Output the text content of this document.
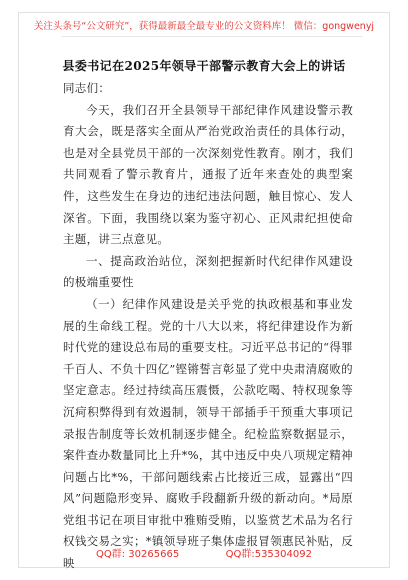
关注头条号“公文研究”，获得最新最全最专业的公文资料库！ 微信：gongwenyj
县委书记在2025年领导干部警示教育大会上的讲话

同志们：

今天，我们召开全县领导干部纪律作风建设警示教育大会，既是落实全面从严治党政治责任的具体行动，也是对全县党员干部的一次深刻党性教育。刚才，我们共同观看了警示教育片，通报了近年来查处的典型案件，这些发生在身边的违纪违法问题，触目惊心、发人深省。下面，我围绕以案为鉴守初心、正风肃纪担使命主题，讲三点意见。

一、提高政治站位，深刻把握新时代纪律作风建设的极端重要性

（一）纪律作风建设是关乎党的执政根基和事业发展的生命线工程。党的十八大以来，将纪律建设作为新时代党的建设总布局的重要支柱。习近平总书记的“得罪千百人、不负十四亿”铿锵誓言彰显了党中央肃清腐败的坚定意志。经过持续高压震慑，公款吃喝、特权现象等沉疴积弊得到有效遏制，领导干部插手干预重大事项记录报告制度等长效机制逐步健全。纪检监察数据显示，案件查办数量同比上升*%，其中违反中央八项规定精神问题占比*%，干部问题线索占比接近三成，显露出“四风”问题隐形变异、腐败手段翻新升级的新动向。*局原党组书记在项目审批中雅贿受贿，以鉴赏艺术品为名行权钱交易之实；*镇领导班子集体虚报冒领惠民补贴，反映

QQ群: 30265665	QQ群:535304092
